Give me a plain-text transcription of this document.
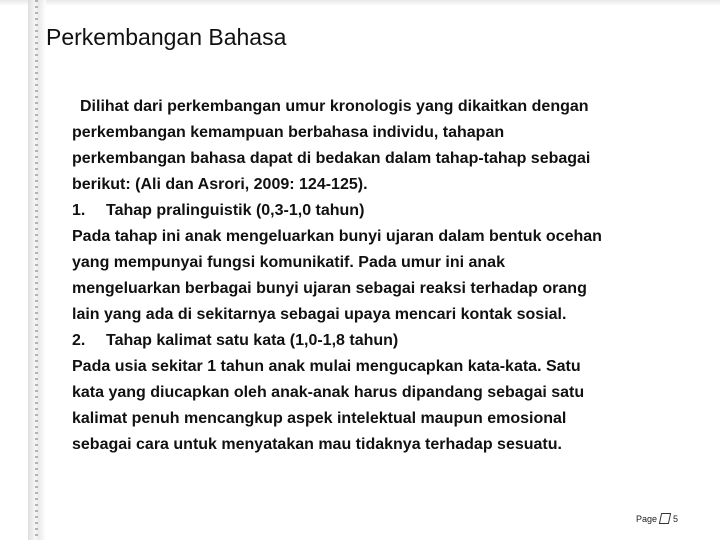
Perkembangan Bahasa

Dilihat dari perkembangan umur kronologis yang dikaitkan dengan

perkembangan kemampuan berbahasa individu, tahapan

perkembangan bahasa dapat di bedakan dalam tahap-tahap sebagai

berikut: (Ali dan Asrori, 2009: 124-125).

1. Tahap pralinguistik (0,3-1,0 tahun)

Pada tahap ini anak mengeluarkan bunyi ujaran dalam bentuk ocehan

yang mempunyai fungsi komunikatif. Pada umur ini anak

mengeluarkan berbagai bunyi ujaran sebagai reaksi terhadap orang

lain yang ada di sekitarnya sebagai upaya mencari kontak sosial.

2. Tahap kalimat satu kata (1,0-1,8 tahun)

Pada usia sekitar 1 tahun anak mulai mengucapkan kata-kata. Satu

kata yang diucapkan oleh anak-anak harus dipandang sebagai satu

kalimat penuh mencangkup aspek intelektual maupun emosional

sebagai cara untuk menyatakan mau tidaknya terhadap sesuatu.

Page 5
